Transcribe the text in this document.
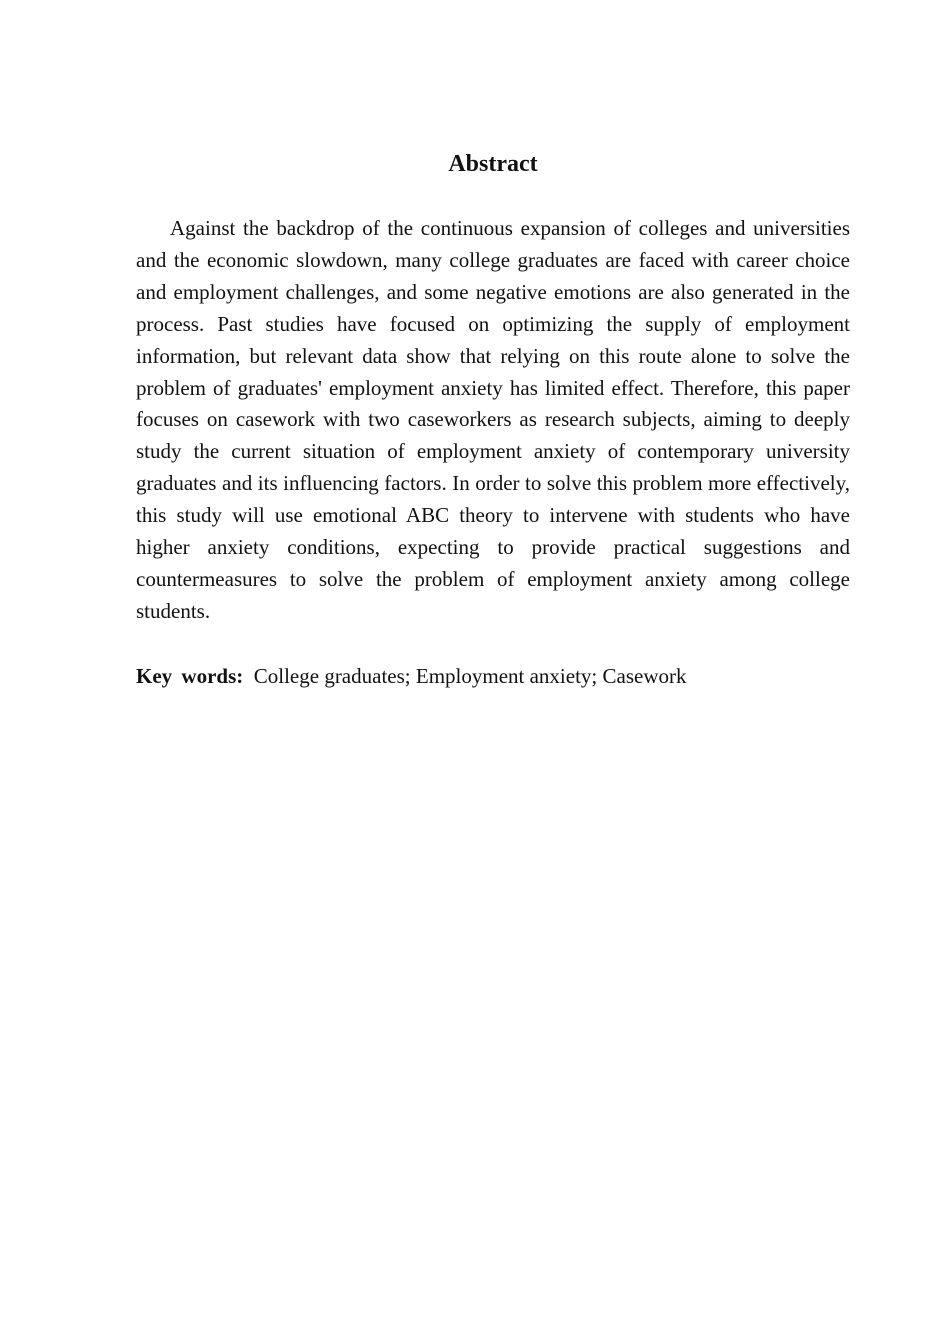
Abstract

Against the backdrop of the continuous expansion of colleges and universities and the economic slowdown, many college graduates are faced with career choice and employment challenges, and some negative emotions are also generated in the process. Past studies have focused on optimizing the supply of employment information, but relevant data show that relying on this route alone to solve the problem of graduates' employment anxiety has limited effect. Therefore, this paper focuses on casework with two caseworkers as research subjects, aiming to deeply study the current situation of employment anxiety of contemporary university graduates and its influencing factors. In order to solve this problem more effectively, this study will use emotional ABC theory to intervene with students who have higher anxiety conditions, expecting to provide practical suggestions and countermeasures to solve the problem of employment anxiety among college students.

Key words:  College graduates; Employment anxiety; Casework
